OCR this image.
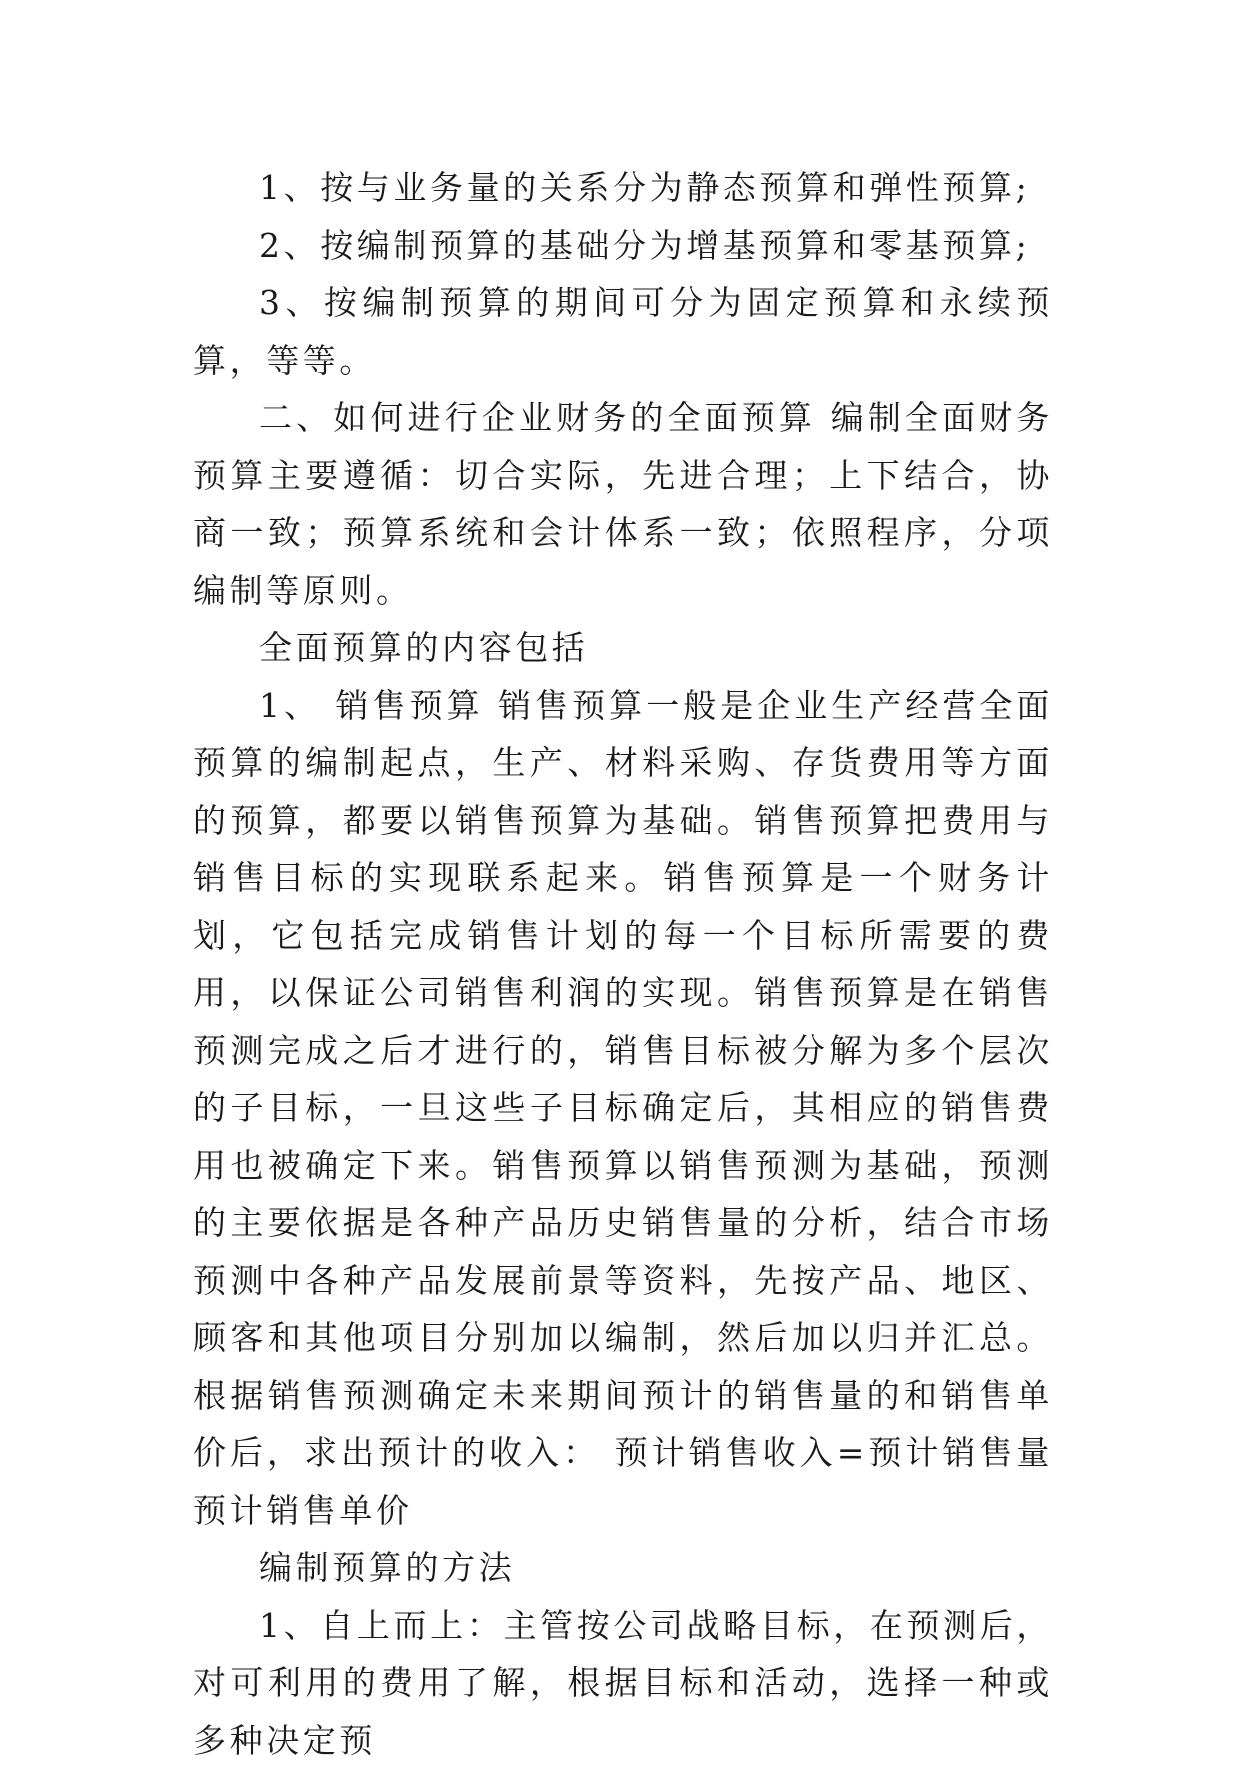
1、按与业务量的关系分为静态预算和弹性预算;

2、按编制预算的基础分为增基预算和零基预算;

3、按编制预算的期间可分为固定预算和永续预算，等等。

二、如何进行企业财务的全面预算 编制全面财务预算主要遵循：切合实际，先进合理；上下结合，协商一致；预算系统和会计体系一致；依照程序，分项编制等原则。

全面预算的内容包括

1、 销售预算 销售预算一般是企业生产经营全面预算的编制起点，生产、材料采购、存货费用等方面的预算，都要以销售预算为基础。销售预算把费用与销售目标的实现联系起来。销售预算是一个财务计划，它包括完成销售计划的每一个目标所需要的费用，以保证公司销售利润的实现。销售预算是在销售预测完成之后才进行的，销售目标被分解为多个层次的子目标，一旦这些子目标确定后，其相应的销售费用也被确定下来。销售预算以销售预测为基础，预测的主要依据是各种产品历史销售量的分析，结合市场预测中各种产品发展前景等资料，先按产品、地区、顾客和其他项目分别加以编制，然后加以归并汇总。根据销售预测确定未来期间预计的销售量的和销售单价后，求出预计的收入： 预计销售收入=预计销售量预计销售单价

编制预算的方法

1、自上而上：主管按公司战略目标，在预测后，对可利用的费用了解，根据目标和活动，选择一种或多种决定预
